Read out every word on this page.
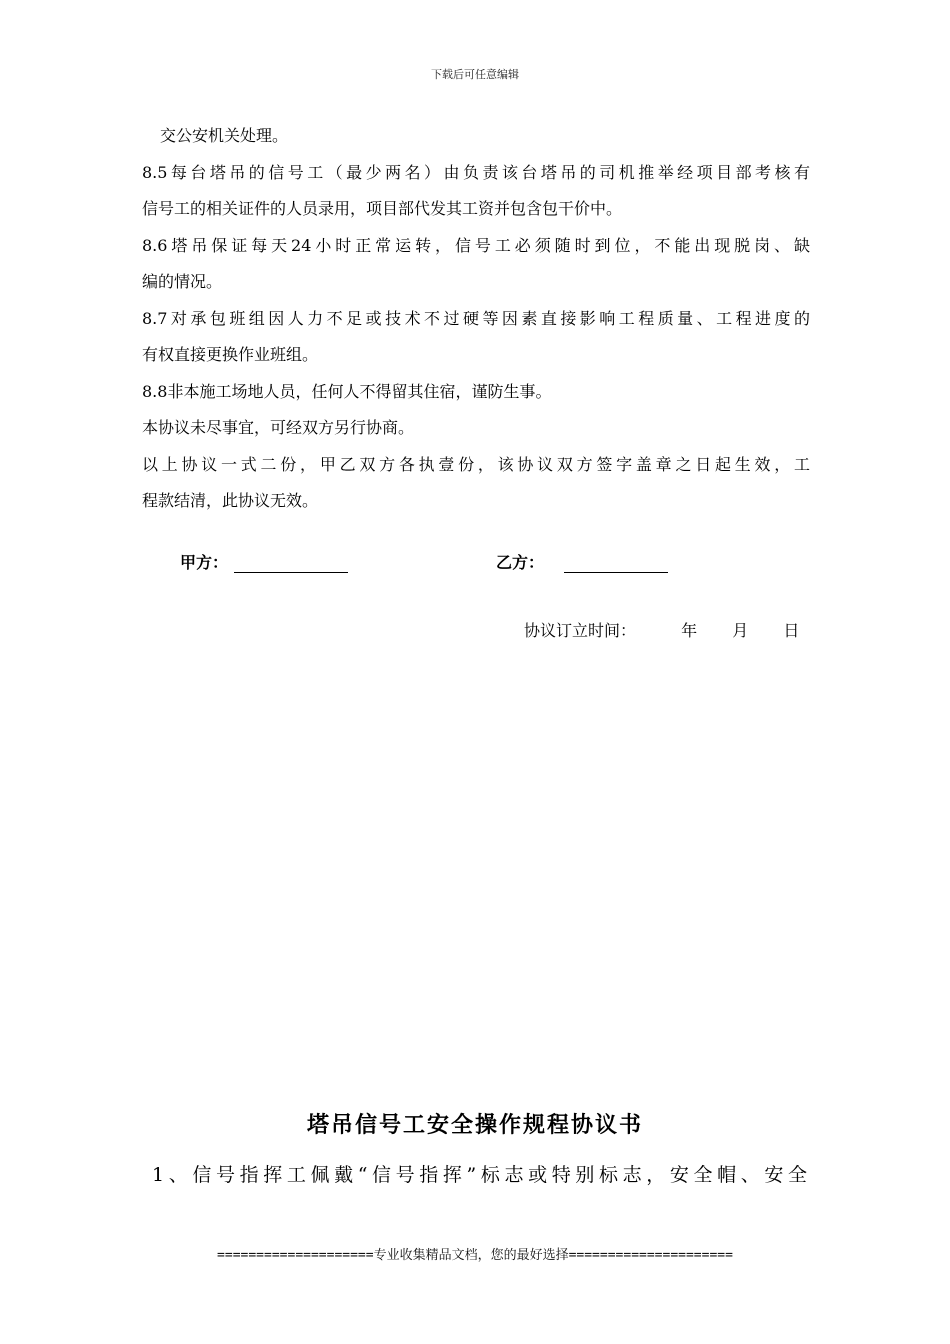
下载后可任意编辑
交公安机关处理。
8.5每台塔吊的信号工（最少两名）由负责该台塔吊的司机推举经项目部考核有
信号工的相关证件的人员录用，项目部代发其工资并包含包干价中。
8.6塔吊保证每天24小时正常运转，信号工必须随时到位，不能出现脱岗、缺
编的情况。
8.7对承包班组因人力不足或技术不过硬等因素直接影响工程质量、工程进度的
有权直接更换作业班组。
8.8非本施工场地人员，任何人不得留其住宿，谨防生事。
本协议未尽事宜，可经双方另行协商。
以上协议一式二份，甲乙双方各执壹份，该协议双方签字盖章之日起生效，工
程款结清，此协议无效。
甲方：	乙方：
协议订立时间：	年 月 日
塔吊信号工安全操作规程协议书
1、信号指挥工佩戴“信号指挥”标志或特别标志，安全帽、安全
====================专业收集精品文档，您的最好选择=====================
